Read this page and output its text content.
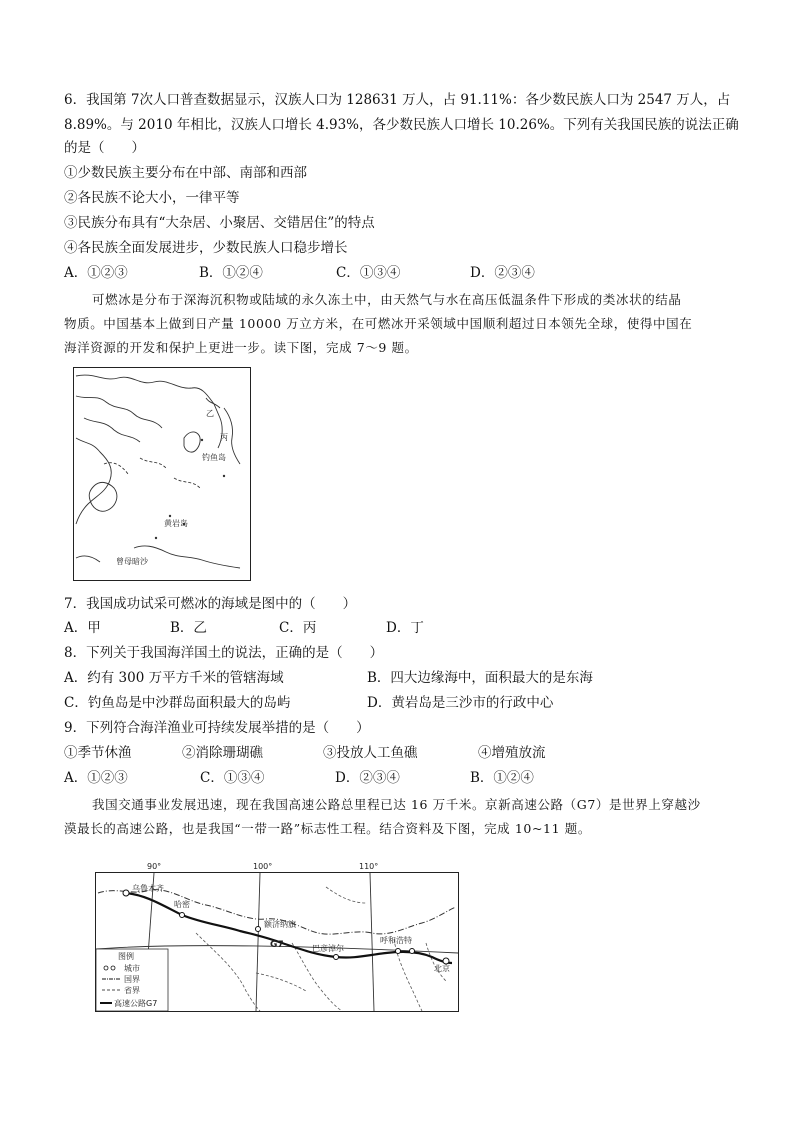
6．我国第 7次人口普查数据显示，汉族人口为 128631 万人，占 91.11%：各少数民族人口为 2547 万人，占
8.89%。与 2010 年相比，汉族人口增长 4.93%，各少数民族人口增长 10.26%。下列有关我国民族的说法正确
的是（　　）
①少数民族主要分布在中部、南部和西部
②各民族不论大小，一律平等
③民族分布具有“大杂居、小聚居、交错居住”的特点
④各民族全面发展进步，少数民族人口稳步增长
A．①②③	B．①②④	C．①③④	D．②③④
可燃冰是分布于深海沉积物或陆域的永久冻土中，由天然气与水在高压低温条件下形成的类冰状的结晶
物质。中国基本上做到日产量 10000 万立方米，在可燃冰开采领域中国顺利超过日本领先全球，使得中国在
海洋资源的开发和保护上更进一步。读下图，完成 7～9 题。
乙
丙
钓鱼岛
黄岩岛
曾母暗沙
7．我国成功试采可燃冰的海域是图中的（　　）
A．甲	B．乙	C．丙	D．丁
8．下列关于我国海洋国土的说法，正确的是（　　）
A．约有 300 万平方千米的管辖海域	B．四大边缘海中，面积最大的是东海
C．钓鱼岛是中沙群岛面积最大的岛屿	D．黄岩岛是三沙市的行政中心
9．下列符合海洋渔业可持续发展举措的是（　　）
①季节休渔	②消除珊瑚礁	③投放人工鱼礁	④增殖放流
A．①②③	C．①③④	D．②③④	B．①②④
我国交通事业发展迅速，现在我国高速公路总里程已达 16 万千米。京新高速公路（G7）是世界上穿越沙
漠最长的高速公路，也是我国“一带一路”标志性工程。结合资料及下图，完成 10~11 题。
90°	100°	110°
乌鲁木齐
哈密
额济纳旗
巴彦淖尔
呼和浩特
北京
G7
图例
城市
国界
省界
高速公路G7
